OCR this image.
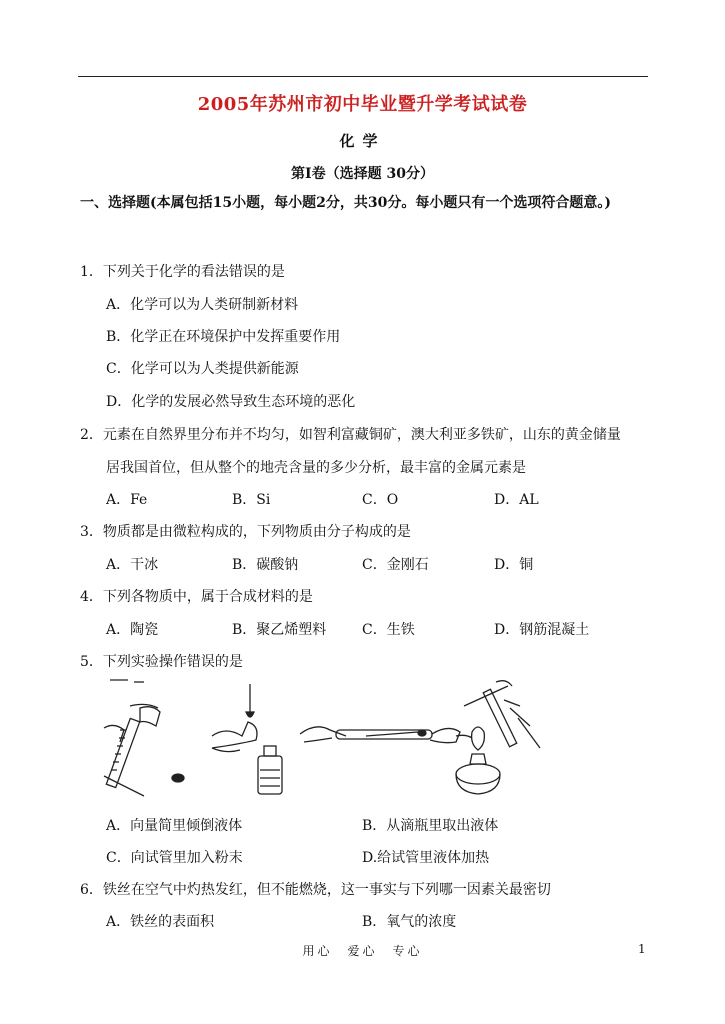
2005年苏州市初中毕业暨升学考试试卷
化学
第Ⅰ卷（选择题 30分）
一、选择题(本属包括15小题，每小题2分，共30分。每小题只有一个选项符合题意。)
1．下列关于化学的看法错误的是
A．化学可以为人类研制新材料
B．化学正在环境保护中发挥重要作用
C．化学可以为人类提供新能源
D．化学的发展必然导致生态环境的恶化
2．元素在自然界里分布并不均匀，如智利富藏铜矿，澳大利亚多铁矿，山东的黄金储量
居我国首位，但从整个的地壳含量的多少分析，最丰富的金属元素是
A．Fe	B．Si	C．O	D．AL
3．物质都是由微粒构成的，下列物质由分子构成的是
A．干冰	B．碳酸钠	C．金刚石	D．铜
4．下列各物质中，属于合成材料的是
A．陶瓷	B．聚乙烯塑料	C．生铁	D．钢筋混凝土
5．下列实验操作错误的是
A．向量简里倾倒液体	B．从滴瓶里取出液体
C．向试管里加入粉末	D.给试管里液体加热
6．铁丝在空气中灼热发红，但不能燃烧，这一事实与下列哪一因素关最密切
A．铁丝的表面积	B．氧气的浓度
用心　爱心　专心	1
